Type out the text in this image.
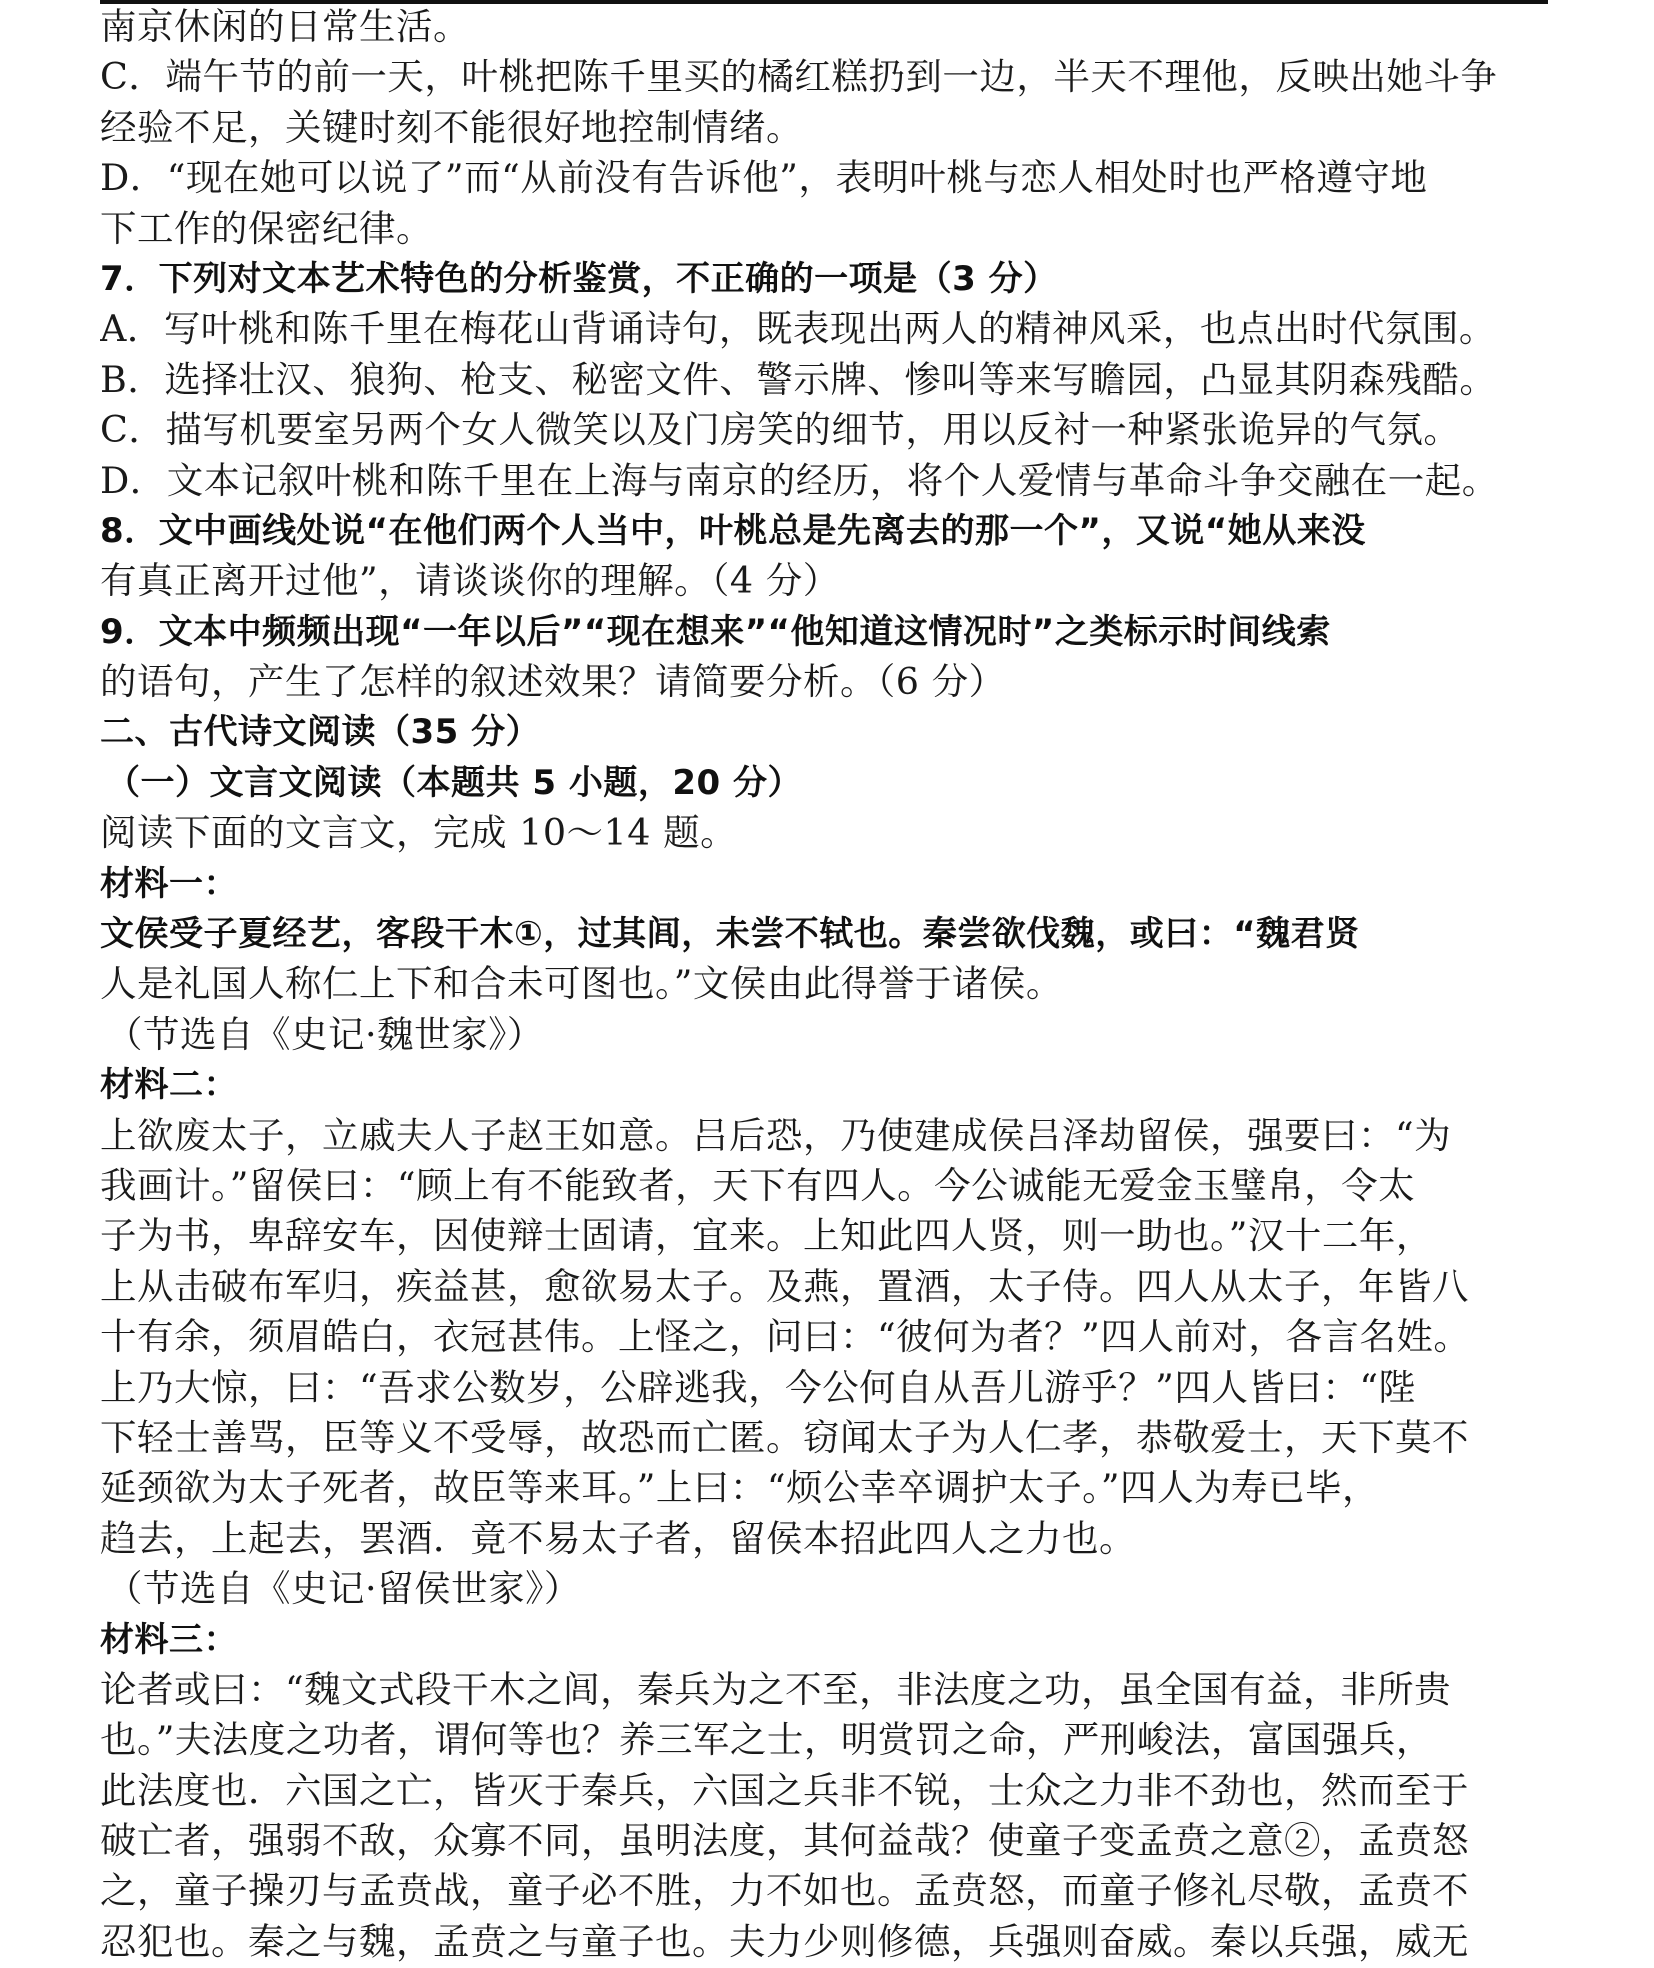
南京休闲的日常生活。
C．端午节的前一天，叶桃把陈千里买的橘红糕扔到一边，半天不理他，反映出她斗争
经验不足，关键时刻不能很好地控制情绪。
D．“现在她可以说了”而“从前没有告诉他”，表明叶桃与恋人相处时也严格遵守地
下工作的保密纪律。
7．下列对文本艺术特色的分析鉴赏，不正确的一项是（3 分）
A．写叶桃和陈千里在梅花山背诵诗句，既表现出两人的精神风采，也点出时代氛围。
B．选择壮汉、狼狗、枪支、秘密文件、警示牌、惨叫等来写瞻园，凸显其阴森残酷。
C．描写机要室另两个女人微笑以及门房笑的细节，用以反衬一种紧张诡异的气氛。
D．文本记叙叶桃和陈千里在上海与南京的经历，将个人爱情与革命斗争交融在一起。
8．文中画线处说“在他们两个人当中，叶桃总是先离去的那一个”，又说“她从来没
有真正离开过他”，请谈谈你的理解。（4 分）
9．文本中频频出现“一年以后”“现在想来”“他知道这情况时”之类标示时间线索
的语句，产生了怎样的叙述效果？请简要分析。（6 分）
二、古代诗文阅读（35 分）
（一）文言文阅读（本题共 5 小题，20 分）
阅读下面的文言文，完成 10～14 题。
材料一：
文侯受子夏经艺，客段干木①，过其闾，未尝不轼也。秦尝欲伐魏，或曰：“魏君贤
人是礼国人称仁上下和合未可图也。”文侯由此得誉于诸侯。
（节选自《史记·魏世家》）
材料二：
上欲废太子，立戚夫人子赵王如意。吕后恐，乃使建成侯吕泽劫留侯，强要曰：“为
我画计。”留侯曰：“顾上有不能致者，天下有四人。今公诚能无爱金玉璧帛，令太
子为书，卑辞安车，因使辩士固请，宜来。上知此四人贤，则一助也。”汉十二年，
上从击破布军归，疾益甚，愈欲易太子。及燕，置酒，太子侍。四人从太子，年皆八
十有余，须眉皓白，衣冠甚伟。上怪之，问曰：“彼何为者？”四人前对，各言名姓。
上乃大惊，曰：“吾求公数岁，公辟逃我，今公何自从吾儿游乎？”四人皆曰：“陛
下轻士善骂，臣等义不受辱，故恐而亡匿。窃闻太子为人仁孝，恭敬爱士，天下莫不
延颈欲为太子死者，故臣等来耳。”上曰：“烦公幸卒调护太子。”四人为寿已毕，
趋去，上起去，罢酒．竟不易太子者，留侯本招此四人之力也。
（节选自《史记·留侯世家》）
材料三：
论者或曰：“魏文式段干木之闾，秦兵为之不至，非法度之功，虽全国有益，非所贵
也。”夫法度之功者，谓何等也？养三军之士，明赏罚之命，严刑峻法，富国强兵，
此法度也．六国之亡，皆灭于秦兵，六国之兵非不锐，士众之力非不劲也，然而至于
破亡者，强弱不敌，众寡不同，虽明法度，其何益哉？使童子变孟贲之意②，孟贲怒
之，童子操刃与孟贲战，童子必不胜，力不如也。孟贲怒，而童子修礼尽敬，孟贲不
忍犯也。秦之与魏，孟贲之与童子也。夫力少则修德，兵强则奋威。秦以兵强，威无
